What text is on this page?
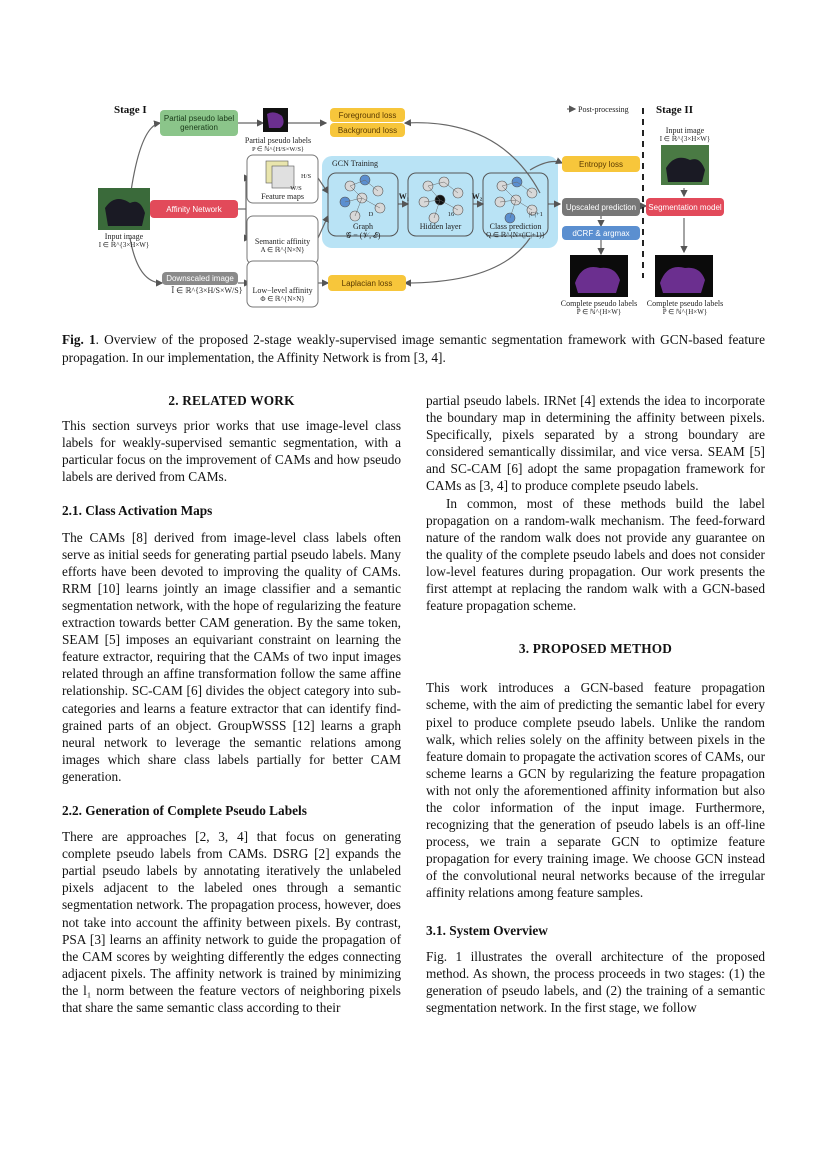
Stage I	Stage II
Partial pseudo label generation
Foreground loss
Background loss
Entropy loss
Affinity Network	Upscaled prediction	Segmentation model
dCRF & argmax
Downscaled image	Laplacian loss
Ĩ ∈ ℝ^{3×H/S×W/S}
Partial pseudo labels
P ∈ ℕ^{H/S×W/S}
Post-processing
Input image
I ∈ ℝ^{3×H×W}
GCN Training
Feature maps
H/S
W/S
D
W₁	W₂
16	|C|+1
Graph
𝒢 = (𝒱, ℰ)
Hidden layer	Class prediction
Q ∈ ℝ^{N×(|C|+1)}
Input image
I ∈ ℝ^{3×H×W}	Semantic affinity
A ∈ ℝ^{N×N}
Low−level affinity
Φ ∈ ℝ^{N×N}	Complete pseudo labels
P̂ ∈ ℕ^{H×W}
Complete pseudo labels
P̂ ∈ ℕ^{H×W}
Fig. 1. Overview of the proposed 2-stage weakly-supervised image semantic segmentation framework with GCN-based feature propagation. In our implementation, the Affinity Network is from [3, 4].
2. RELATED WORK

This section surveys prior works that use image-level class labels for weakly-supervised semantic segmentation, with a particular focus on the improvement of CAMs and how pseudo labels are derived from CAMs.

2.1. Class Activation Maps

The CAMs [8] derived from image-level class labels often serve as initial seeds for generating partial pseudo labels. Many efforts have been devoted to improving the quality of CAMs. RRM [10] learns jointly an image classifier and a semantic segmentation network, with the hope of regularizing the feature extraction towards better CAM generation. By the same token, SEAM [5] imposes an equivariant constraint on learning the feature extractor, requiring that the CAMs of two input images related through an affine transformation follow the same affine relationship. SC-CAM [6] divides the object category into sub-categories and learns a feature extractor that can identify find-grained parts of an object. GroupWSSS [12] learns a graph neural network to leverage the semantic relations among images which share class labels partially for better CAM generation.

2.2. Generation of Complete Pseudo Labels

There are approaches [2, 3, 4] that focus on generating complete pseudo labels from CAMs. DSRG [2] expands the partial pseudo labels by annotating iteratively the unlabeled pixels adjacent to the labeled ones through a semantic segmentation network. The propagation process, however, does not take into account the affinity between pixels. By contrast, PSA [3] learns an affinity network to guide the propagation of the CAM scores by weighting differently the edges connecting adjacent pixels. The affinity network is trained by minimizing the l₁ norm between the feature vectors of neighboring pixels that share the same semantic class according to their

partial pseudo labels. IRNet [4] extends the idea to incorporate the boundary map in determining the affinity between pixels. Specifically, pixels separated by a strong boundary are considered semantically dissimilar, and vice versa. SEAM [5] and SC-CAM [6] adopt the same propagation framework for CAMs as [3, 4] to produce complete pseudo labels.

In common, most of these methods build the label propagation on a random-walk mechanism. The feed-forward nature of the random walk does not provide any guarantee on the quality of the complete pseudo labels and does not consider low-level features during propagation. Our work presents the first attempt at replacing the random walk with a GCN-based feature propagation scheme.

3. PROPOSED METHOD

This work introduces a GCN-based feature propagation scheme, with the aim of predicting the semantic label for every pixel to produce complete pseudo labels. Unlike the random walk, which relies solely on the affinity between pixels in the feature domain to propagate the activation scores of CAMs, our scheme learns a GCN by regularizing the feature propagation with not only the aforementioned affinity information but also the color information of the input image. Furthermore, recognizing that the generation of pseudo labels is an off-line process, we train a separate GCN to optimize feature propagation for every training image. We choose GCN instead of the convolutional neural networks because of the irregular affinity relations among feature samples.

3.1. System Overview

Fig. 1 illustrates the overall architecture of the proposed method. As shown, the process proceeds in two stages: (1) the generation of pseudo labels, and (2) the training of a semantic segmentation network. In the first stage, we follow
